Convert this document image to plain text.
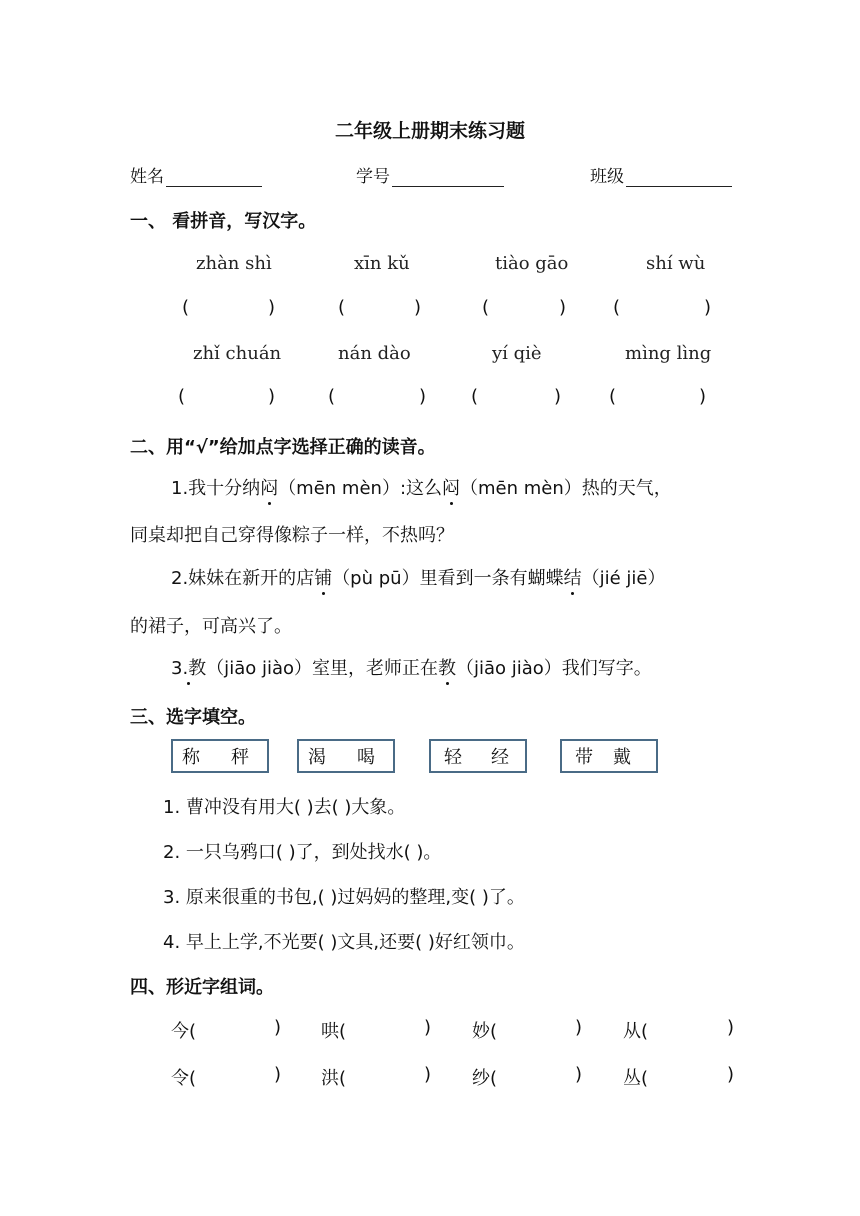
二年级上册期末练习题
姓名	学号	班级
一、 看拼音，写汉字。
zhàn shì	xīn kǔ	tiào gāo	shí wù
(	)	(	)	(	)	(	)
zhǐ chuán	nán dào	yí qiè	mìng lìng
(	)	(	) (	)	(	)
二、用“√”给加点字选择正确的读音。
1.我十分纳闷（mēn mèn）:这么闷（mēn mèn）热的天气，
同桌却把自己穿得像粽子一样，不热吗？
2.妹妹在新开的店铺（pù pū）里看到一条有蝴蝶结（jié jiē）
的裙子，可高兴了。
3.教（jiāo jiào）室里，老师正在教（jiāo jiào）我们写字。
三、选字填空。
称 秤	渴 喝	轻 经	带 戴
1. 曹冲没有用大( )去( )大象。
2. 一只乌鸦口( )了，到处找水( )。
3. 原来很重的书包,( )过妈妈的整理,变( )了。
4. 早上上学,不光要( )文具,还要( )好红领巾。
四、形近字组词。
今(	) 哄(	) 妙(	) 从(	)
令(	) 洪(	) 纱(	) 丛(	)
